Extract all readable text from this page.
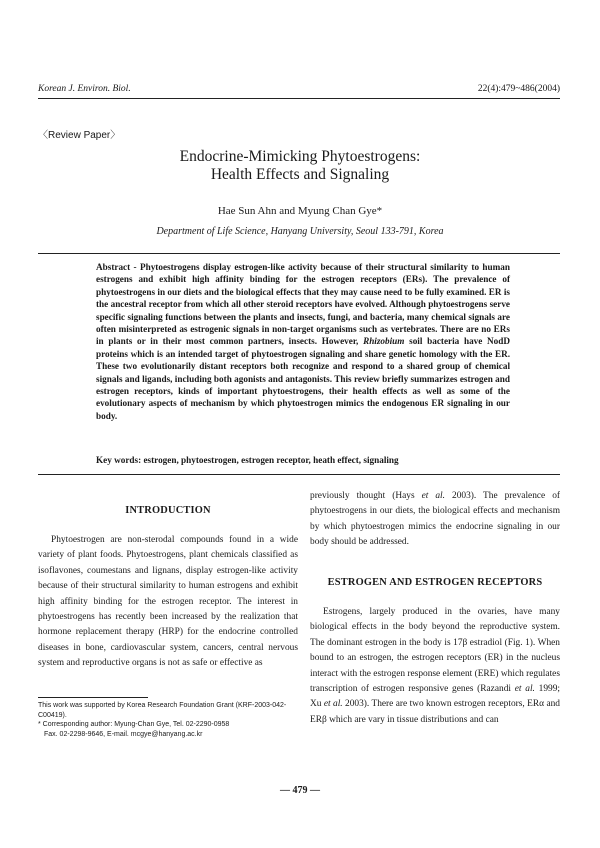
Korean J. Environ. Biol.	22(4):479~486(2004)
〈Review Paper〉
Endocrine-Mimicking Phytoestrogens:
Health Effects and Signaling
Hae Sun Ahn and Myung Chan Gye*
Department of Life Science, Hanyang University, Seoul 133-791, Korea
Abstract - Phytoestrogens display estrogen-like activity because of their structural similarity to human estrogens and exhibit high affinity binding for the estrogen receptors (ERs). The prevalence of phytoestrogens in our diets and the biological effects that they may cause need to be fully examined. ER is the ancestral receptor from which all other steroid receptors have evolved. Although phytoestrogens serve specific signaling functions between the plants and insects, fungi, and bacteria, many chemical signals are often misinterpreted as estrogenic signals in non-target organisms such as vertebrates. There are no ERs in plants or in their most common partners, insects. However, Rhizobium soil bacteria have NodD proteins which is an intended target of phytoestrogen signaling and share genetic homology with the ER. These two evolutionarily distant receptors both recognize and respond to a shared group of chemical signals and ligands, including both agonists and antagonists. This review briefly summarizes estrogen and estrogen receptors, kinds of important phytoestrogens, their health effects as well as some of the evolutionary aspects of mechanism by which phytoestrogen mimics the endogenous ER signaling in our body.
Key words: estrogen, phytoestrogen, estrogen receptor, heath effect, signaling
INTRODUCTION

Phytoestrogen are non-sterodal compounds found in a wide variety of plant foods. Phytoestrogens, plant chemicals classified as isoflavones, coumestans and lignans, display estrogen-like activity because of their structural similarity to human estrogens and exhibit high affinity binding for the estrogen receptor. The interest in phytoestrogens has recently been increased by the realization that hormone replacement therapy (HRP) for the endocrine controlled diseases in bone, cardiovascular system, cancers, central nervous system and reproductive organs is not as safe or effective as

This work was supported by Korea Research Foundation Grant (KRF-2003-042-C00419).
* Corresponding author: Myung-Chan Gye, Tel. 02-2290-0958
Fax. 02-2298-9646, E-mail. mcgye@hanyang.ac.kr

previously thought (Hays et al. 2003). The prevalence of phytoestrogens in our diets, the biological effects and mechanism by which phytoestrogen mimics the endocrine signaling in our body should be addressed.

ESTROGEN AND ESTROGEN RECEPTORS

Estrogens, largely produced in the ovaries, have many biological effects in the body beyond the reproductive system. The dominant estrogen in the body is 17β estradiol (Fig. 1). When bound to an estrogen, the estrogen receptors (ER) in the nucleus interact with the estrogen response element (ERE) which regulates transcription of estrogen responsive genes (Razandi et al. 1999; Xu et al. 2003). There are two known estrogen receptors, ERα and ERβ which are vary in tissue distributions and can

— 479 —
